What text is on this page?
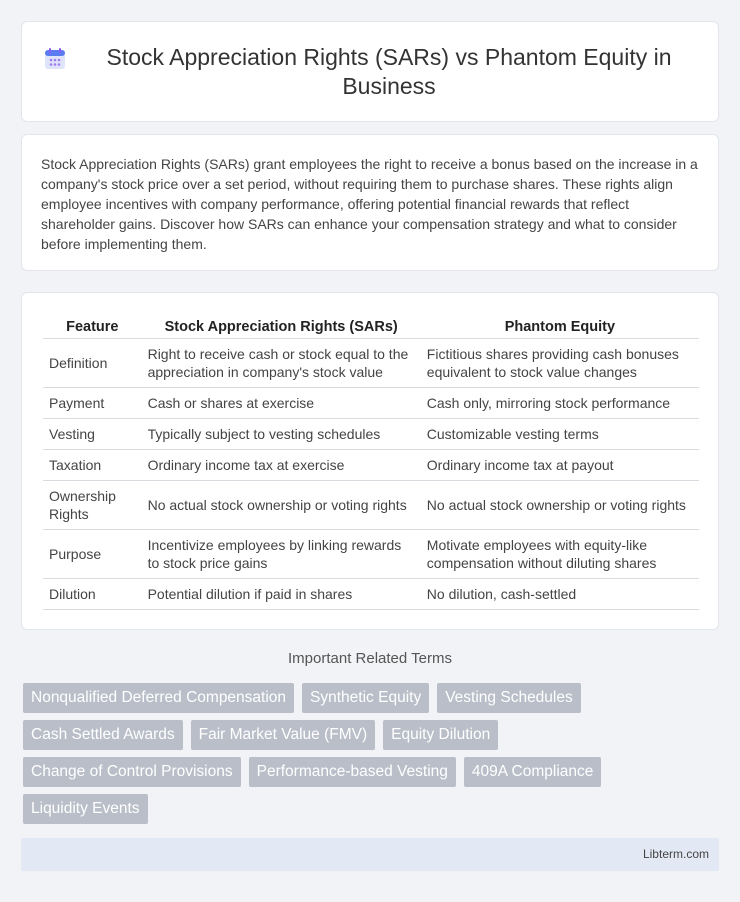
Stock Appreciation Rights (SARs) vs Phantom Equity in Business

Stock Appreciation Rights (SARs) grant employees the right to receive a bonus based on the increase in a company's stock price over a set period, without requiring them to purchase shares. These rights align employee incentives with company performance, offering potential financial rewards that reflect shareholder gains. Discover how SARs can enhance your compensation strategy and what to consider before implementing them.

Feature	Stock Appreciation Rights (SARs)	Phantom Equity
Definition	Right to receive cash or stock equal to the appreciation in company's stock value	Fictitious shares providing cash bonuses equivalent to stock value changes
Payment	Cash or shares at exercise	Cash only, mirroring stock performance
Vesting	Typically subject to vesting schedules	Customizable vesting terms
Taxation	Ordinary income tax at exercise	Ordinary income tax at payout
Ownership Rights	No actual stock ownership or voting rights	No actual stock ownership or voting rights
Purpose	Incentivize employees by linking rewards to stock price gains	Motivate employees with equity-like compensation without diluting shares
Dilution	Potential dilution if paid in shares	No dilution, cash-settled
Important Related Terms
Nonqualified Deferred Compensation	Synthetic Equity	Vesting Schedules
Cash Settled Awards	Fair Market Value (FMV)	Equity Dilution
Change of Control Provisions	Performance-based Vesting	409A Compliance
Liquidity Events
Libterm.com
